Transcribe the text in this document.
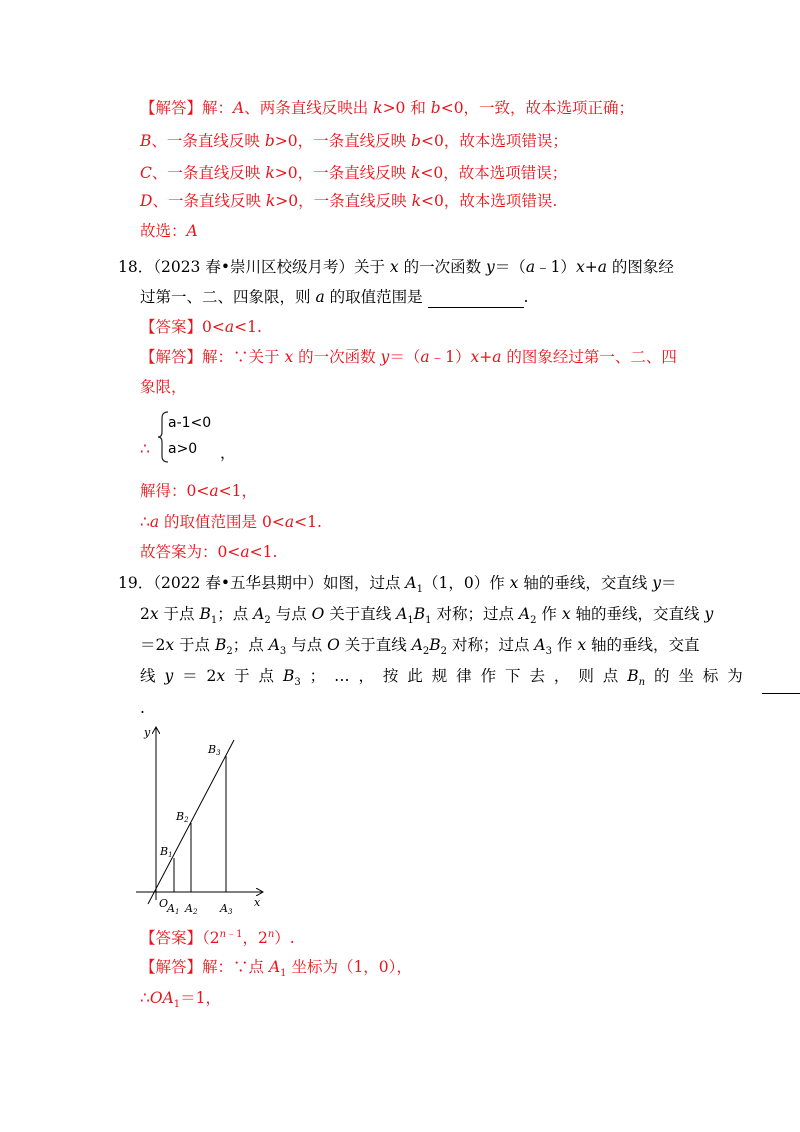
【解答】解：A、两条直线反映出 k>0 和 b<0，一致，故本选项正确；
B、一条直线反映 b>0，一条直线反映 b<0，故本选项错误；
C、一条直线反映 k>0，一条直线反映 k<0，故本选项错误；
D、一条直线反映 k>0，一条直线反映 k<0，故本选项错误.
故选：A
18．（2023 春•崇川区校级月考）关于 x 的一次函数 y＝（a﹣1）x+a 的图象经
过第一、二、四象限，则 a 的取值范围是	.
【答案】0<a<1.
【解答】解：∵关于 x 的一次函数 y＝（a﹣1）x+a 的图象经过第一、二、四
象限，
∴
a-1<0
a>0 ，
解得：0<a<1，
∴a 的取值范围是 0<a<1.
故答案为：0<a<1.
19．（2022 春•五华县期中）如图，过点 $A_1(1$，0）作 x 轴的垂线，交直线 y＝
2x 于点 $B_1$；点 $A_2$ 与点 O 关于直线 $A_1B_1$ 对称；过点 $A_2$ 作 x 轴的垂线，交直线 y
＝2x 于点 $B_2$；点 $A_3$ 与点 O 关于直线 $A_2B_2$ 对称；过点 $A_3$ 作 x 轴的垂线，交直
线 y ＝ 2x 于 点 $B_3$ ； … ， 按 此 规 律 作 下 去 ， 则 点 $B_n$ 的 坐 标 为
.
y
x
O
A1 A2 A3
B1
B2
B3
【答案】（$2^{n﹣1}$，2$^n$）.
【解答】解：∵点 $A_1$ 坐标为（1，0），
$\therefore OA_1=1$，
